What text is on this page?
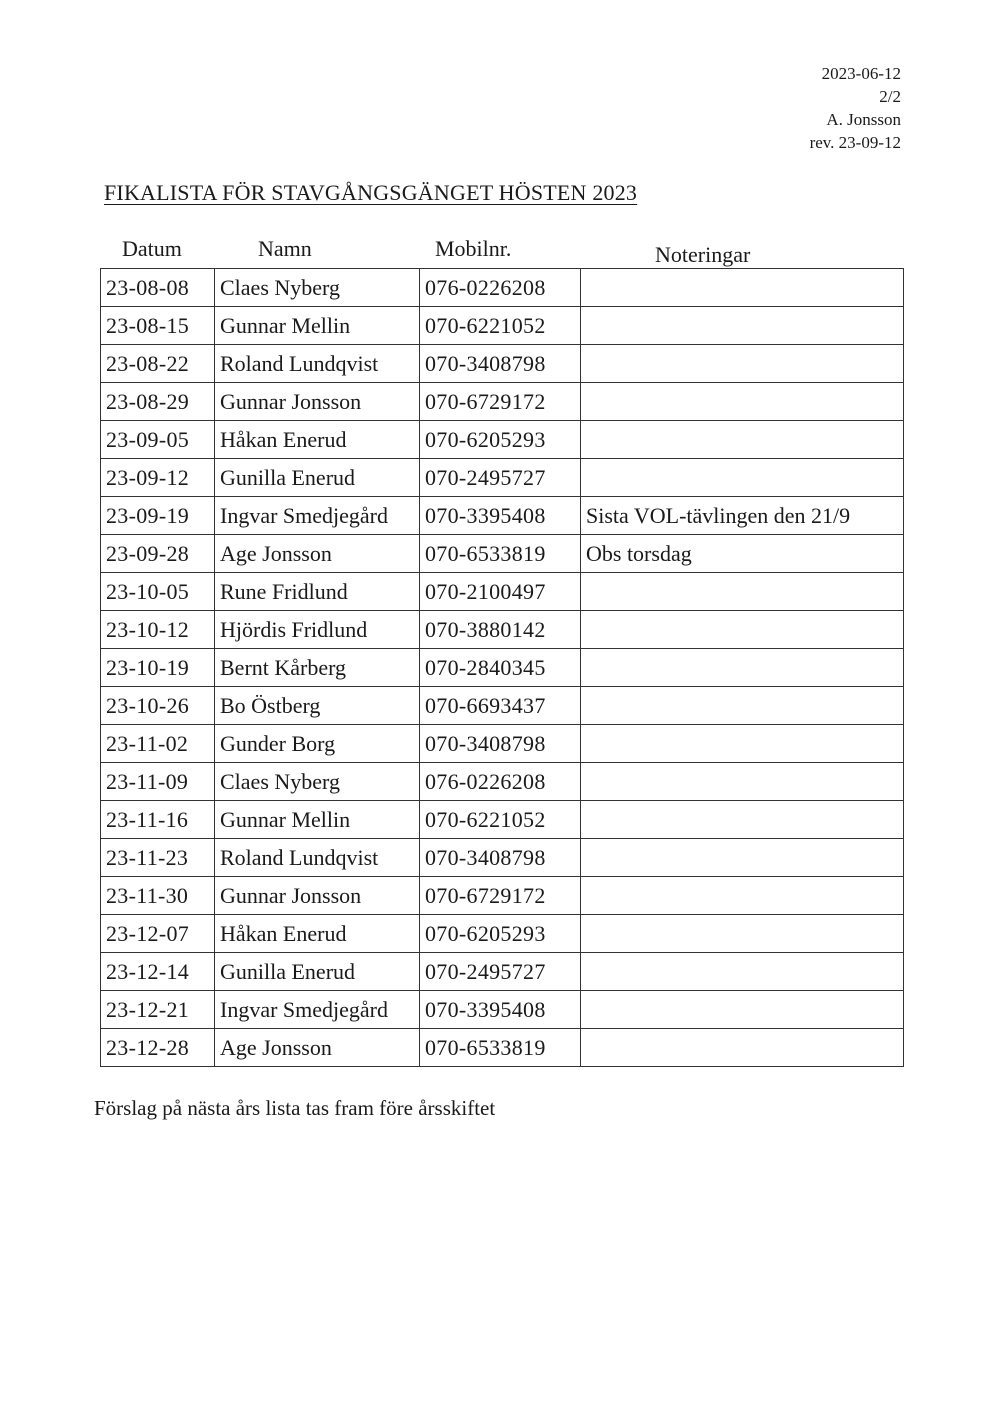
2023-06-12
2/2
A. Jonsson
rev. 23-09-12
FIKALISTA FÖR STAVGÅNGSGÄNGET HÖSTEN 2023
Datum	Namn	Mobilnr.	Noteringar
23-08-08	Claes Nyberg	076-0226208	
23-08-15	Gunnar Mellin	070-6221052	
23-08-22	Roland Lundqvist	070-3408798	
23-08-29	Gunnar Jonsson	070-6729172	
23-09-05	Håkan Enerud	070-6205293	
23-09-12	Gunilla Enerud	070-2495727	
23-09-19	Ingvar Smedjegård	070-3395408	Sista VOL-tävlingen den 21/9
23-09-28	Age Jonsson	070-6533819	Obs torsdag
23-10-05	Rune Fridlund	070-2100497	
23-10-12	Hjördis Fridlund	070-3880142	
23-10-19	Bernt Kårberg	070-2840345	
23-10-26	Bo Östberg	070-6693437	
23-11-02	Gunder Borg	070-3408798	
23-11-09	Claes Nyberg	076-0226208	
23-11-16	Gunnar Mellin	070-6221052	
23-11-23	Roland Lundqvist	070-3408798	
23-11-30	Gunnar Jonsson	070-6729172	
23-12-07	Håkan Enerud	070-6205293	
23-12-14	Gunilla Enerud	070-2495727	
23-12-21	Ingvar Smedjegård	070-3395408	
23-12-28	Age Jonsson	070-6533819	
Förslag på nästa års lista tas fram före årsskiftet
